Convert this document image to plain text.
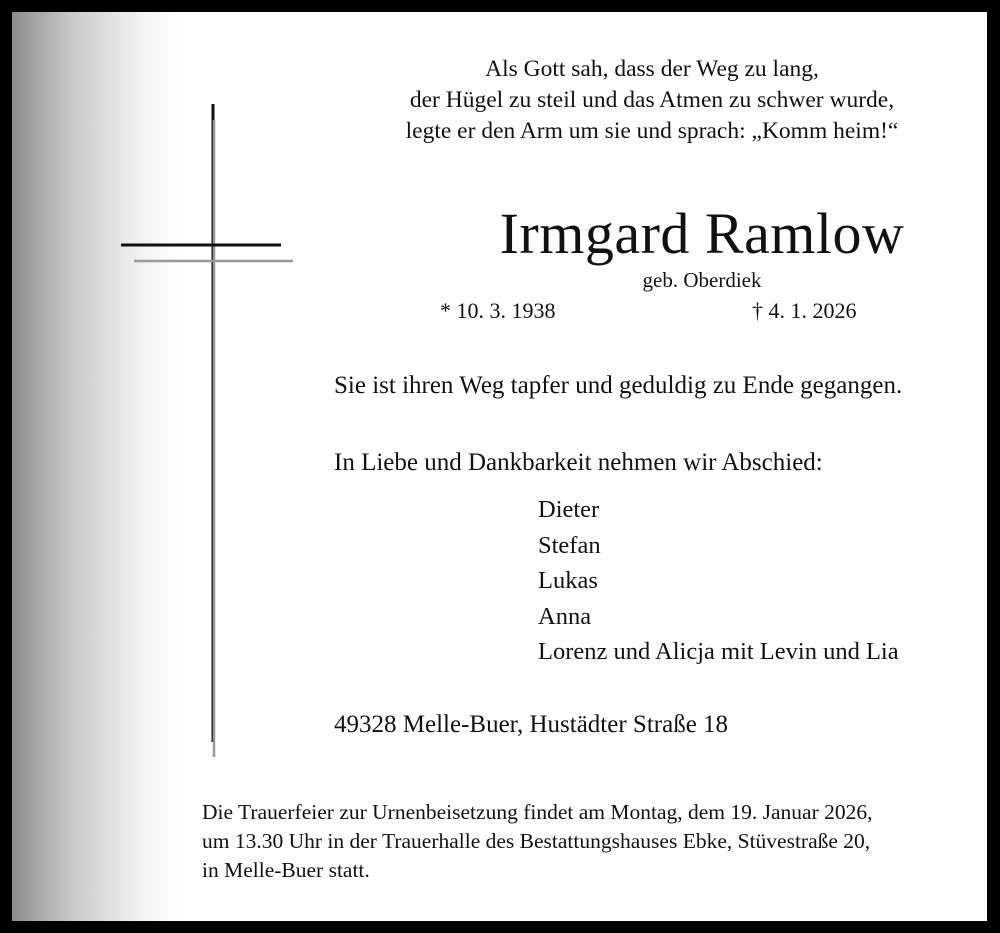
Als Gott sah, dass der Weg zu lang,
der Hügel zu steil und das Atmen zu schwer wurde,
legte er den Arm um sie und sprach: „Komm heim!“
Irmgard Ramlow
geb. Oberdiek
* 10. 3. 1938	† 4. 1. 2026
Sie ist ihren Weg tapfer und geduldig zu Ende gegangen.
In Liebe und Dankbarkeit nehmen wir Abschied:
Dieter
Stefan
Lukas
Anna
Lorenz und Alicja mit Levin und Lia
49328 Melle-Buer, Hustädter Straße 18
Die Trauerfeier zur Urnenbeisetzung findet am Montag, dem 19. Januar 2026,
um 13.30 Uhr in der Trauerhalle des Bestattungshauses Ebke, Stüvestraße 20,
in Melle-Buer statt.
